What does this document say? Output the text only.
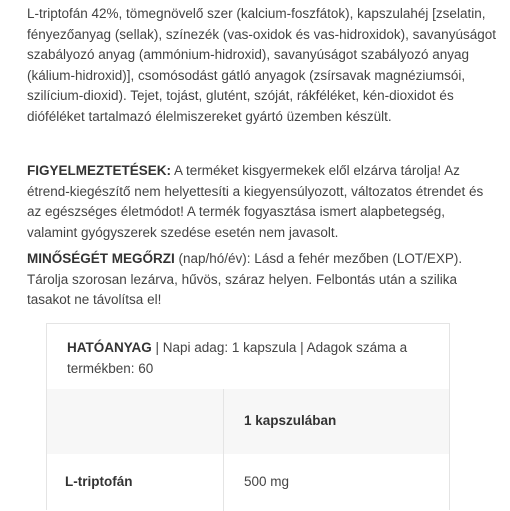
L-triptofán 42%, tömegnövelő szer (kalcium-foszfátok), kapszulahéj [zselatin, fényezőanyag (sellak), színezék (vas-oxidok és vas-hidroxidok), savanyúságot szabályozó anyag (ammónium-hidroxid), savanyúságot szabályozó anyag (kálium-hidroxid)], csomósodást gátló anyagok (zsírsavak magnéziumsói, szilícium-dioxid). Tejet, tojást, glutént, szóját, rákféléket, kén-dioxidot és dióféléket tartalmazó élelmiszereket gyártó üzemben készült.

FIGYELMEZTETÉSEK: A terméket kisgyermekek elől elzárva tárolja! Az étrend-kiegészítő nem helyettesíti a kiegyensúlyozott, változatos étrendet és az egészséges életmódot! A termék fogyasztása ismert alapbetegség, valamint gyógyszerek szedése esetén nem javasolt.

MINŐSÉGÉT MEGŐRZI (nap/hó/év): Lásd a fehér mezőben (LOT/EXP). Tárolja szorosan lezárva, hűvös, száraz helyen. Felbontás után a szilika tasakot ne távolítsa el!

HATÓANYAG | Napi adag: 1 kapszula | Adagok száma a termékben: 60
1 kapszulában
L-triptofán	500 mg
